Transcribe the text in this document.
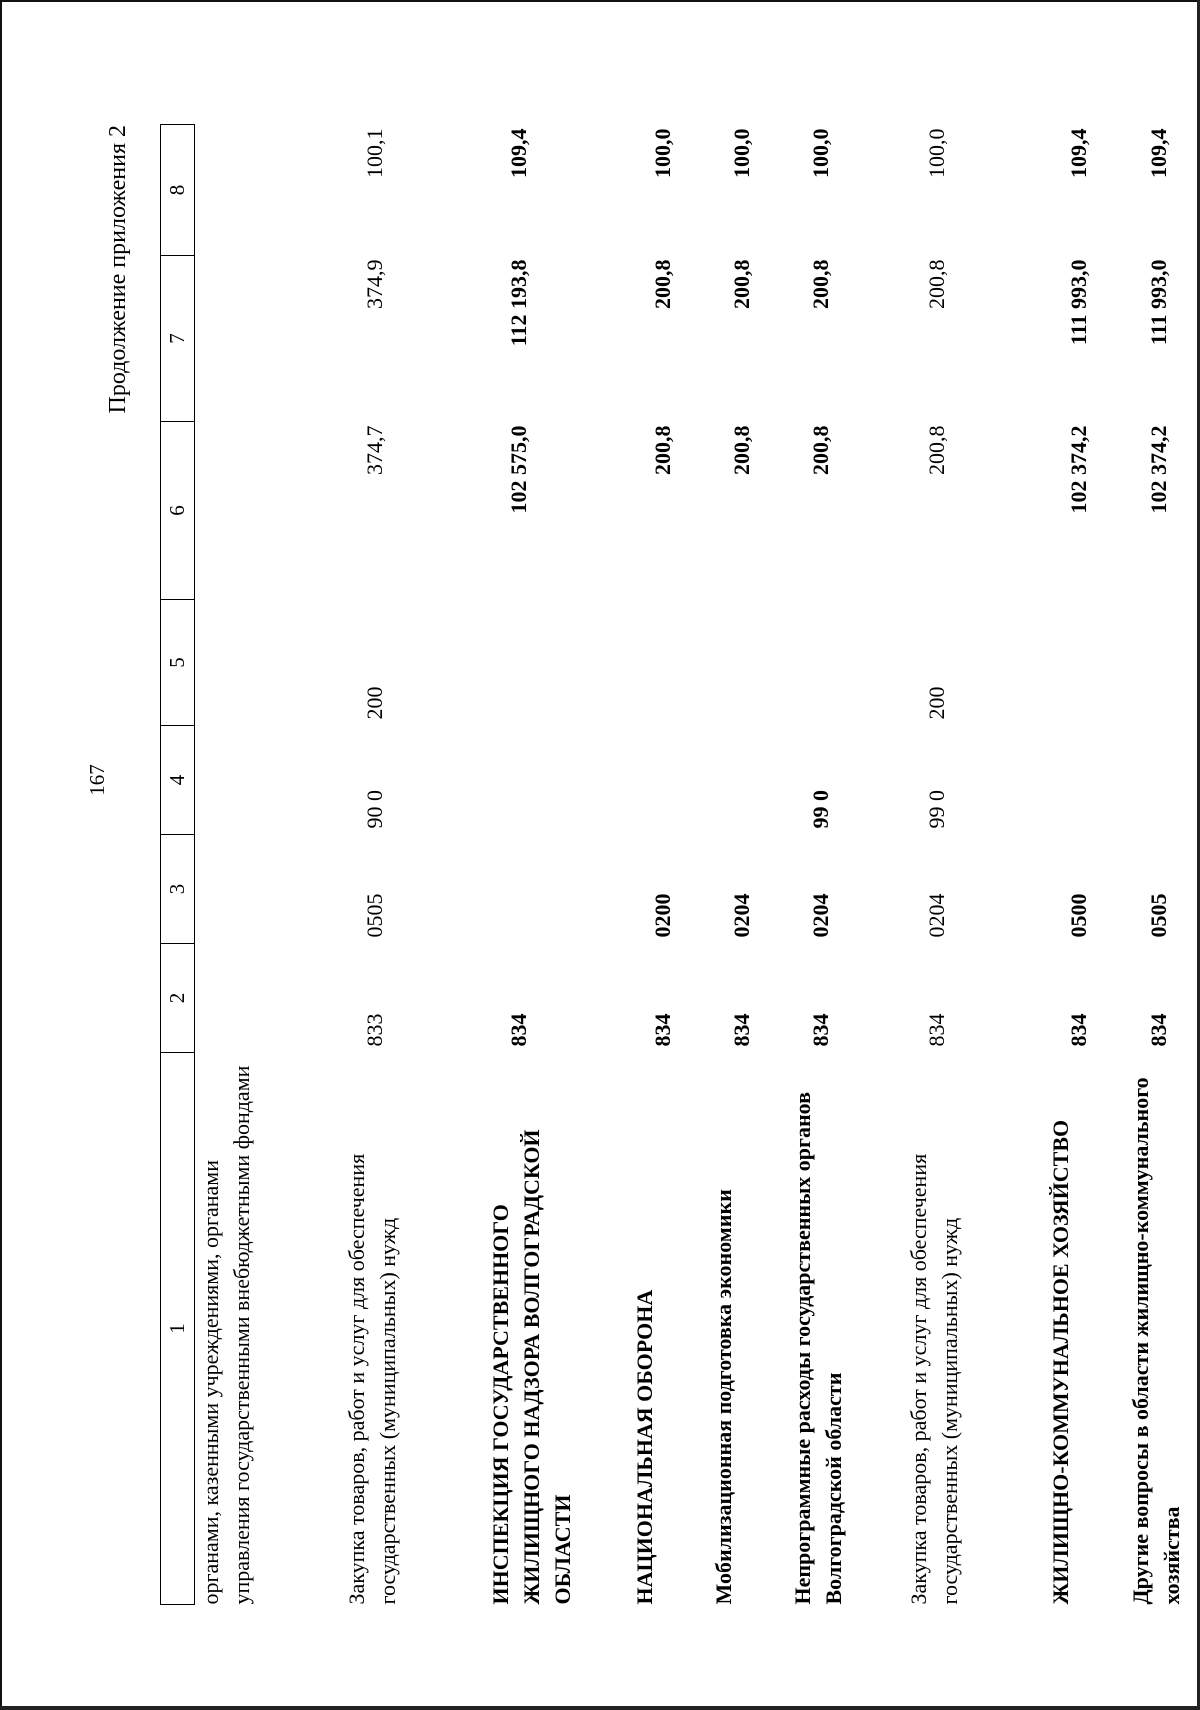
167
Продолжение приложения 2
1	2	3	4	5	6	7	8
органами, казенными учреждениями, органами управления государственными внебюджетными фондами							
Закупка товаров, работ и услуг для обеспечения государственных (муниципальных) нужд	833	0505	90 0	200	374,7	374,9	100,1
ИНСПЕКЦИЯ ГОСУДАРСТВЕННОГО ЖИЛИЩНОГО НАДЗОРА ВОЛГОГРАДСКОЙ ОБЛАСТИ	834				102 575,0	112 193,8	109,4
НАЦИОНАЛЬНАЯ ОБОРОНА	834	0200			200,8	200,8	100,0
Мобилизационная подготовка экономики	834	0204			200,8	200,8	100,0
Непрограммные расходы государственных органов Волгоградской области	834	0204	99 0		200,8	200,8	100,0
Закупка товаров, работ и услуг для обеспечения государственных (муниципальных) нужд	834	0204	99 0	200	200,8	200,8	100,0
ЖИЛИЩНО-КОММУНАЛЬНОЕ ХОЗЯЙСТВО	834	0500			102 374,2	111 993,0	109,4
Другие вопросы в области жилищно-коммунального хозяйства	834	0505			102 374,2	111 993,0	109,4
